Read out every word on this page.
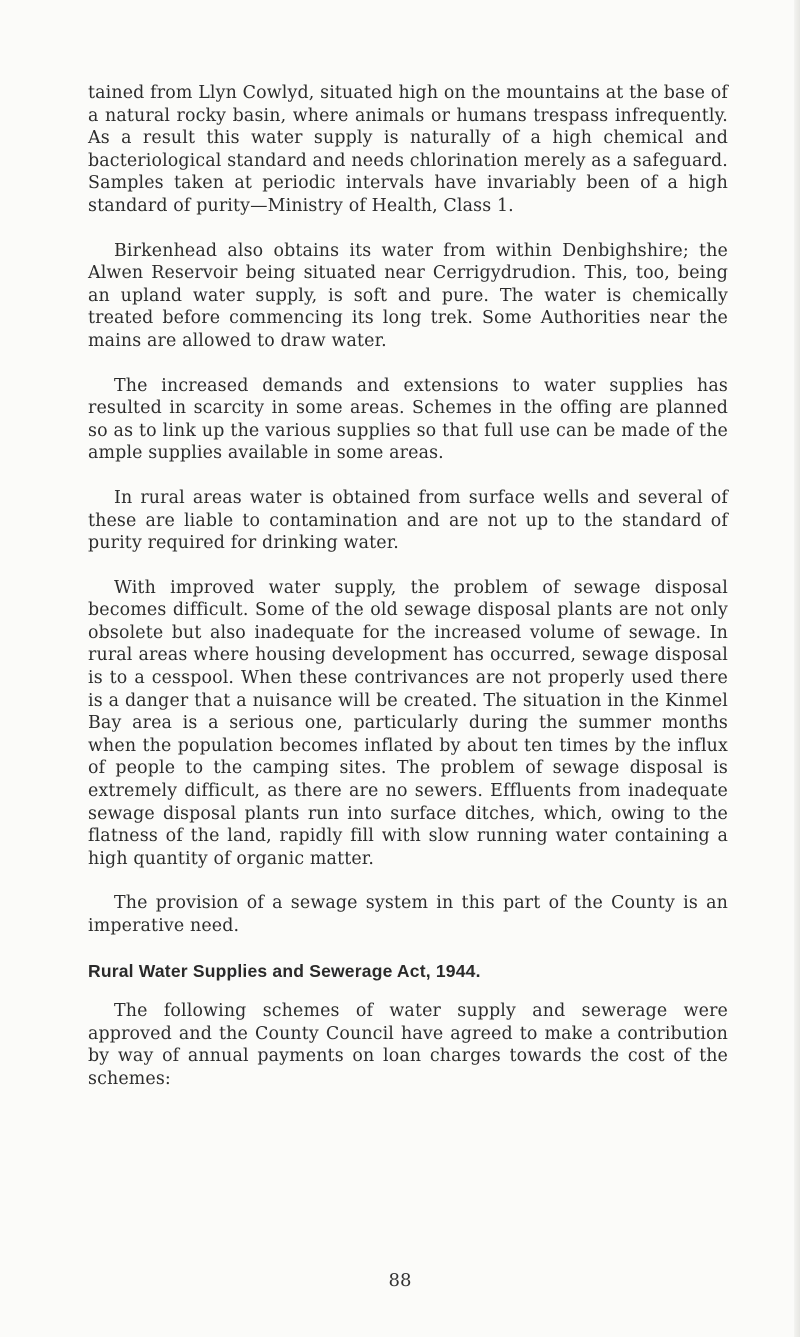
tained from Llyn Cowlyd, situated high on the mountains at the base of a natural rocky basin, where animals or humans trespass infrequently. As a result this water supply is naturally of a high chemical and bacteriological standard and needs chlorination merely as a safeguard. Samples taken at periodic intervals have invariably been of a high standard of purity—Ministry of Health, Class 1.

Birkenhead also obtains its water from within Denbighshire; the Alwen Reservoir being situated near Cerrigydrudion. This, too, being an upland water supply, is soft and pure. The water is chemically treated before commencing its long trek. Some Authorities near the mains are allowed to draw water.

The increased demands and extensions to water supplies has resulted in scarcity in some areas. Schemes in the offing are planned so as to link up the various supplies so that full use can be made of the ample supplies available in some areas.

In rural areas water is obtained from surface wells and several of these are liable to contamination and are not up to the standard of purity required for drinking water.

With improved water supply, the problem of sewage disposal becomes difficult. Some of the old sewage disposal plants are not only obsolete but also inadequate for the increased volume of sewage. In rural areas where housing development has occurred, sewage disposal is to a cesspool. When these contrivances are not properly used there is a danger that a nuisance will be created. The situation in the Kinmel Bay area is a serious one, particularly during the summer months when the population becomes inflated by about ten times by the influx of people to the camping sites. The problem of sewage disposal is extremely difficult, as there are no sewers. Effluents from inadequate sewage disposal plants run into surface ditches, which, owing to the flatness of the land, rapidly fill with slow running water containing a high quantity of organic matter.

The provision of a sewage system in this part of the County is an imperative need.

Rural Water Supplies and Sewerage Act, 1944.

The following schemes of water supply and sewerage were approved and the County Council have agreed to make a contribution by way of annual payments on loan charges towards the cost of the schemes:

88
